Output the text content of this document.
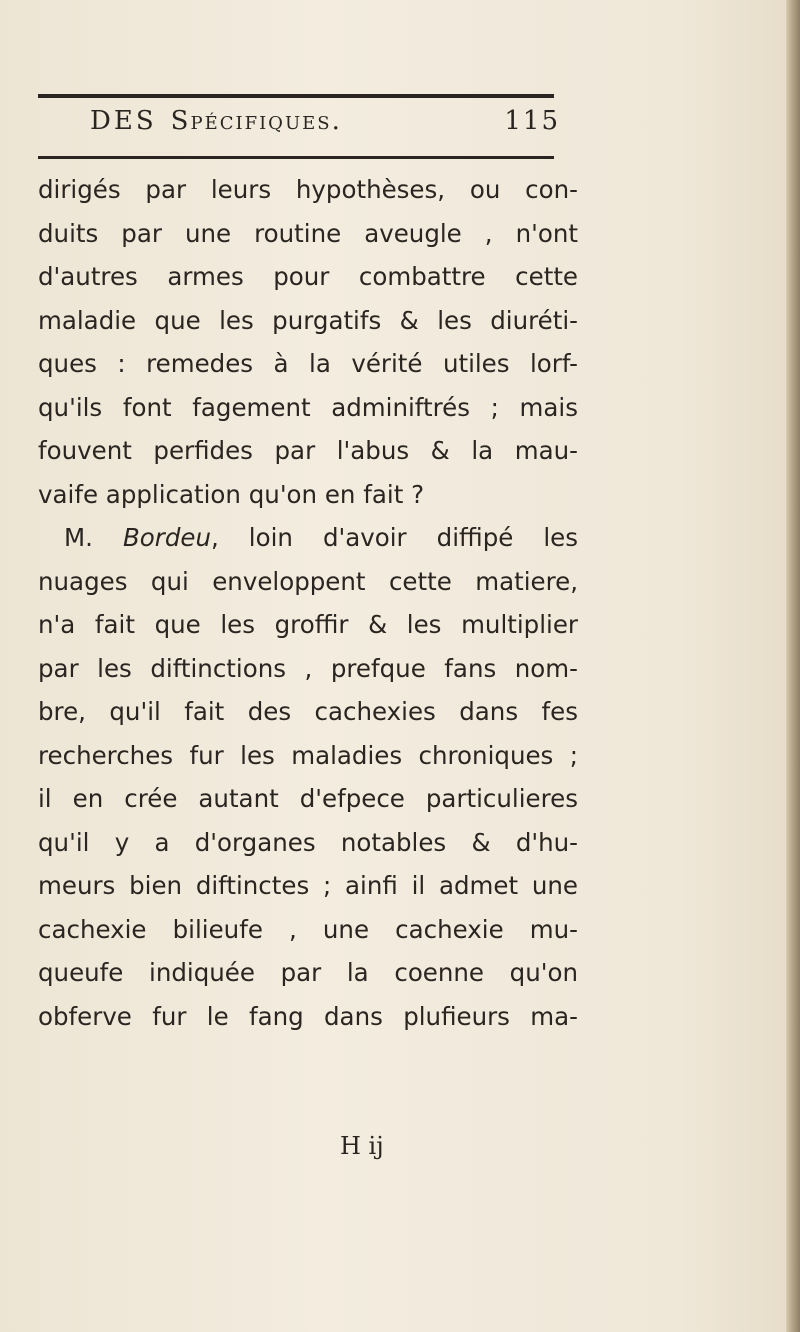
DES Spécifiques.	115
dirigés par leurs hypothèses, ou con-
duits par une routine aveugle , n'ont
d'autres armes pour combattre cette
maladie que les purgatifs & les diuréti-
ques : remedes à la vérité utiles lorf-
qu'ils font fagement adminiftrés ; mais
fouvent perfides par l'abus & la mau-
vaife application qu'on en fait ?
M. Bordeu, loin d'avoir diffipé les
nuages qui enveloppent cette matiere,
n'a fait que les groffir & les multiplier
par les diftinctions , prefque fans nom-
bre, qu'il fait des cachexies dans fes
recherches fur les maladies chroniques ;
il en crée autant d'efpece particulieres
qu'il y a d'organes notables & d'hu-
meurs bien diftinctes ; ainfi il admet une
cachexie bilieufe , une cachexie mu-
queufe indiquée par la coenne qu'on
obferve fur le fang dans plufieurs ma-
H ij
